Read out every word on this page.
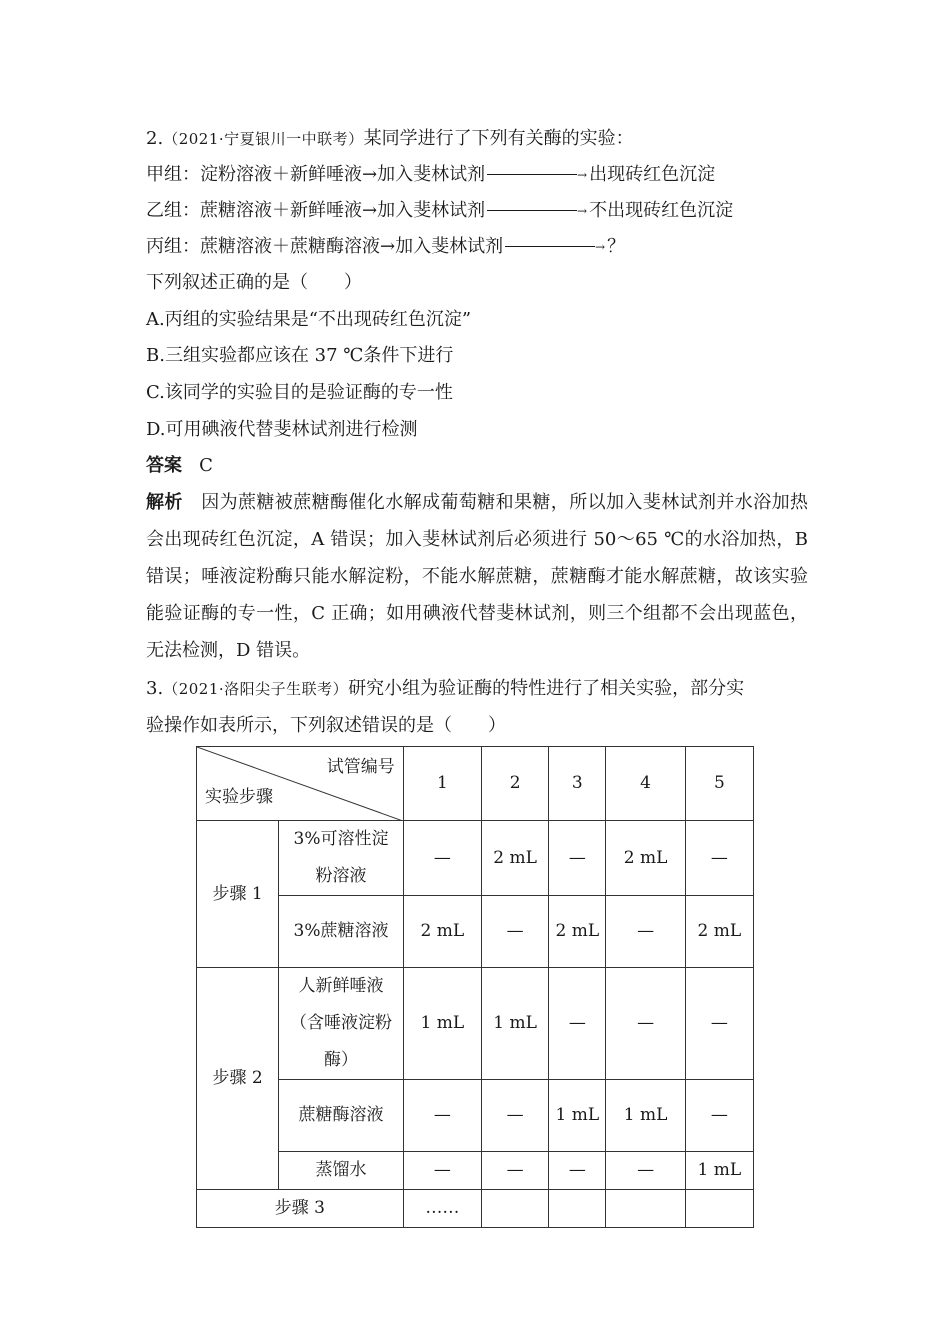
2.（2021·宁夏银川一中联考）某同学进行了下列有关酶的实验：
甲组：淀粉溶液＋新鲜唾液→加入斐林试剂	→ 出现砖红色沉淀
乙组：蔗糖溶液＋新鲜唾液→加入斐林试剂	→ 不出现砖红色沉淀
丙组：蔗糖溶液＋蔗糖酶溶液→加入斐林试剂	→ ？
下列叙述正确的是（　　）
A.丙组的实验结果是“不出现砖红色沉淀”
B.三组实验都应该在 37 ℃条件下进行
C.该同学的实验目的是验证酶的专一性
D.可用碘液代替斐林试剂进行检测
答案 C
解析 因为蔗糖被蔗糖酶催化水解成葡萄糖和果糖，所以加入斐林试剂并水浴加热会出现砖红色沉淀，A 错误；加入斐林试剂后必须进行 50～65 ℃的水浴加热，B 错误；唾液淀粉酶只能水解淀粉，不能水解蔗糖，蔗糖酶才能水解蔗糖，故该实验能验证酶的专一性，C 正确；如用碘液代替斐林试剂，则三个组都不会出现蓝色，无法检测，D 错误。
3.（2021·洛阳尖子生联考）研究小组为验证酶的特性进行了相关实验，部分实
验操作如表所示，下列叙述错误的是（　　）
试管编号
实验步骤		1	2	3	4	5
步骤 1	3%可溶性淀粉溶液	—	2 mL	—	2 mL	—
	3%蔗糖溶液	2 mL	—	2 mL	—	2 mL
步骤 2	人新鲜唾液（含唾液淀粉酶）	1 mL	1 mL	—	—	—
	蔗糖酶溶液	—	—	1 mL	1 mL	—
	蒸馏水	—	—	—	—	1 mL
步骤 3		……				
